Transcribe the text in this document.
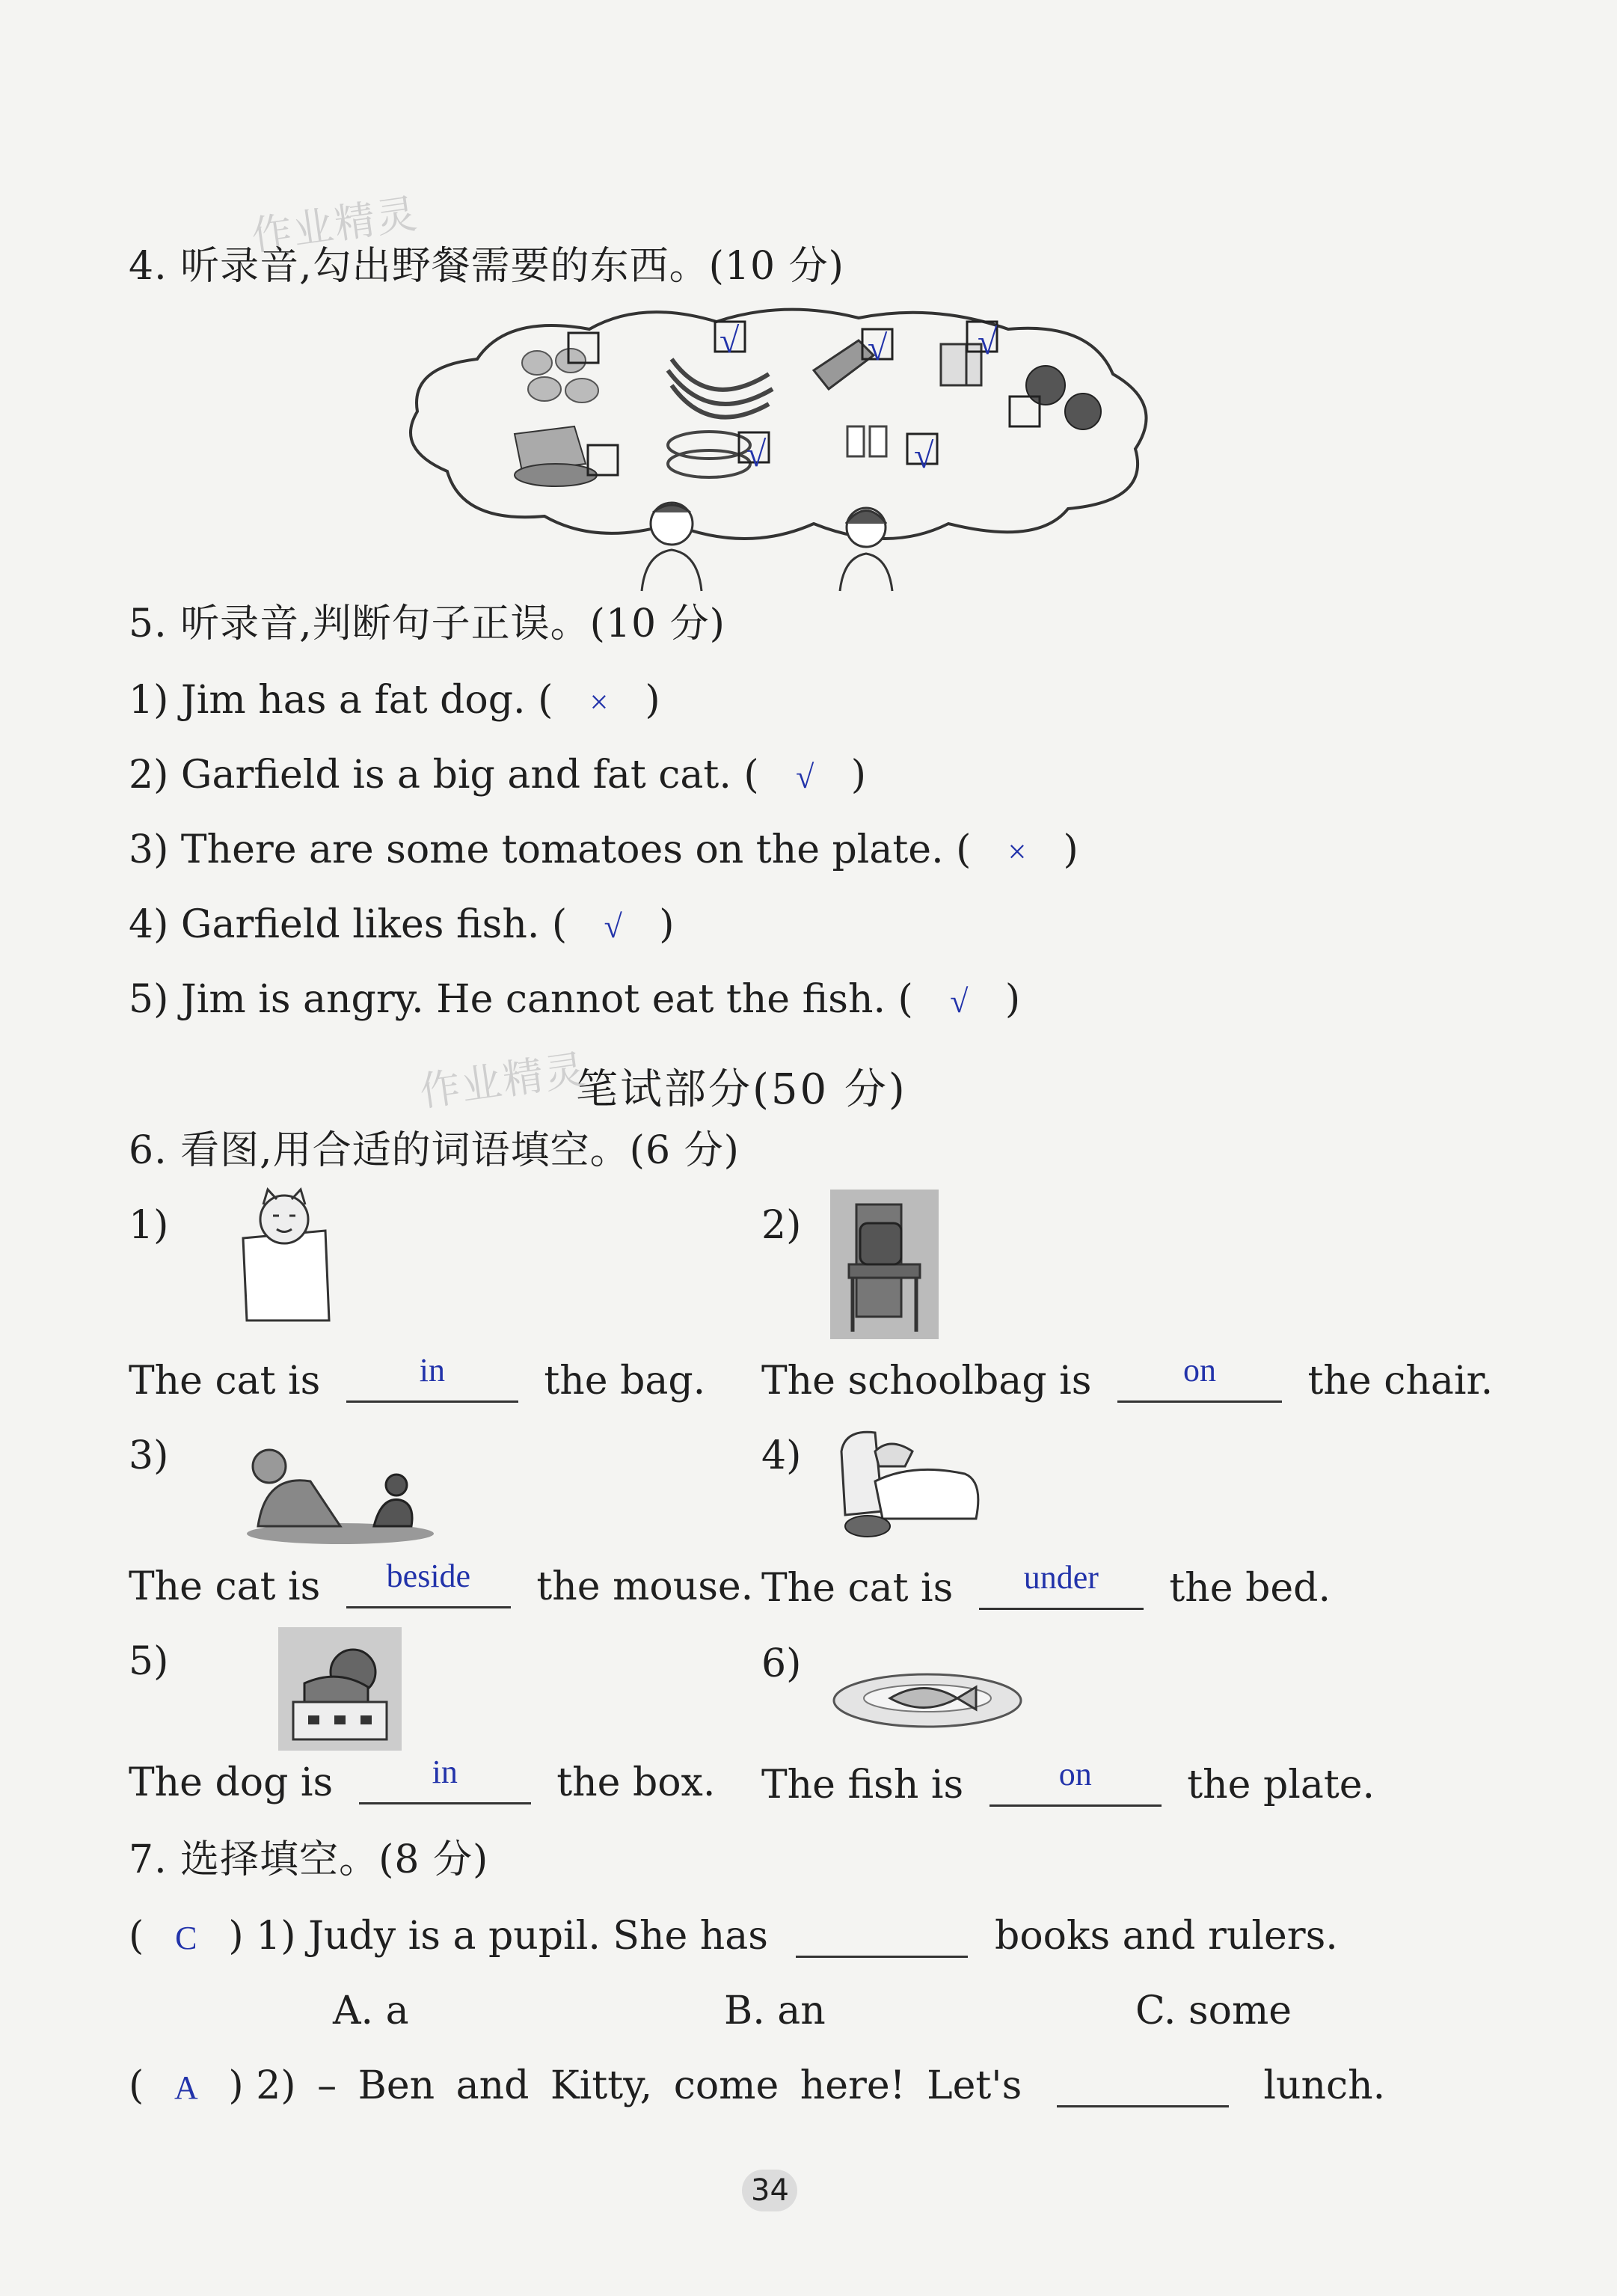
作业精灵
作业精灵
4. 听录音,勾出野餐需要的东西。(10 分)
√	√	√
√	√
5. 听录音,判断句子正误。(10 分)
1) Jim has a fat dog. ( × )
2) Garfield is a big and fat cat. ( √ )
3) There are some tomatoes on the plate. ( × )
4) Garfield likes fish. ( √ )
5) Jim is angry. He cannot eat the fish. ( √ )
笔试部分(50 分)
6. 看图,用合适的词语填空。(6 分)
1)
The cat is	in	the bag.
2)
The schoolbag is	on	the chair.
3)
The cat is	beside	the mouse.
4)
The cat is	under	the bed.
5)
The dog is	in	the box.
6)
The fish is	on	the plate.
7. 选择填空。(8 分)
( C ) 1) Judy is a pupil. She has	books and rulers.
A. a	B. an	C. some
( A ) 2) – Ben and Kitty, come here! Let's	lunch.
34
